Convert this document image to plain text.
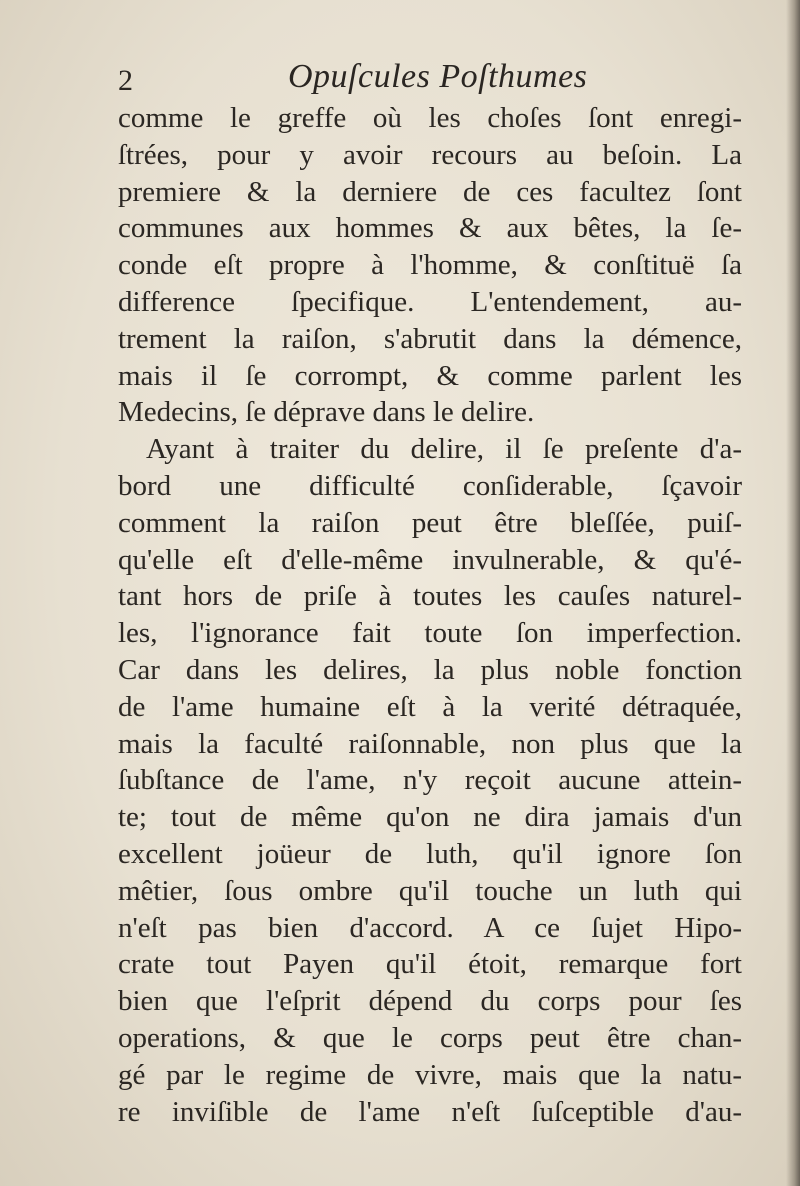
2	Opuſcules Poſthumes
comme le greffe où les choſes ſont enregi-
ſtrées, pour y avoir recours au beſoin. La
premiere & la derniere de ces facultez ſont
communes aux hommes & aux bêtes, la ſe-
conde eſt propre à l'homme, & conſtituë ſa
difference ſpecifique. L'entendement, au-
trement la raiſon, s'abrutit dans la démence,
mais il ſe corrompt, & comme parlent les
Medecins, ſe déprave dans le delire.
Ayant à traiter du delire, il ſe preſente d'a-
bord une difficulté conſiderable, ſçavoir
comment la raiſon peut être bleſſée, puiſ-
qu'elle eſt d'elle-même invulnerable, & qu'é-
tant hors de priſe à toutes les cauſes naturel-
les, l'ignorance fait toute ſon imperfection.
Car dans les delires, la plus noble fonction
de l'ame humaine eſt à la verité détraquée,
mais la faculté raiſonnable, non plus que la
ſubſtance de l'ame, n'y reçoit aucune attein-
te; tout de même qu'on ne dira jamais d'un
excellent joüeur de luth, qu'il ignore ſon
mêtier, ſous ombre qu'il touche un luth qui
n'eſt pas bien d'accord. A ce ſujet Hipo-
crate tout Payen qu'il étoit, remarque fort
bien que l'eſprit dépend du corps pour ſes
operations, & que le corps peut être chan-
gé par le regime de vivre, mais que la natu-
re inviſible de l'ame n'eſt ſuſceptible d'au-
